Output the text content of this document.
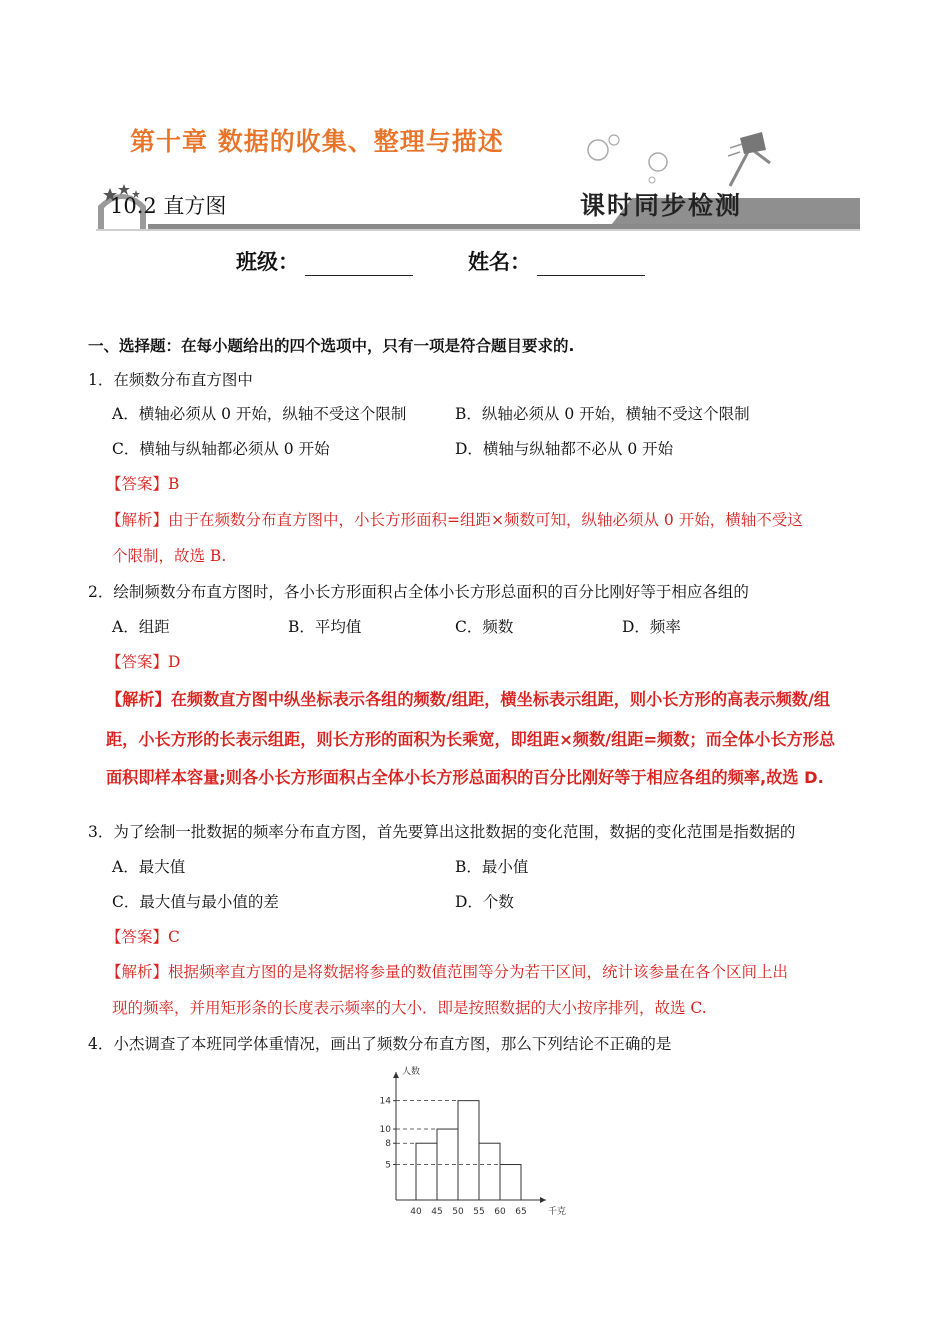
第十章 数据的收集、整理与描述
10.2 直方图	课时同步检测
班级：	姓名：
一、选择题：在每小题给出的四个选项中，只有一项是符合题目要求的.
1．在频数分布直方图中
A．横轴必须从 0 开始，纵轴不受这个限制	B．纵轴必须从 0 开始，横轴不受这个限制
C．横轴与纵轴都必须从 0 开始	D．横轴与纵轴都不必从 0 开始
【答案】B
【解析】由于在频数分布直方图中，小长方形面积=组距×频数可知，纵轴必须从 0 开始，横轴不受这
个限制，故选 B.
2．绘制频数分布直方图时，各小长方形面积占全体小长方形总面积的百分比刚好等于相应各组的
A．组距	B．平均值	C．频数	D．频率
【答案】D
【解析】在频数直方图中纵坐标表示各组的频数/组距，横坐标表示组距，则小长方形的高表示频数/组
距，小长方形的长表示组距，则长方形的面积为长乘宽，即组距×频数/组距=频数；而全体小长方形总
面积即样本容量;则各小长方形面积占全体小长方形总面积的百分比刚好等于相应各组的频率,故选 D.
3．为了绘制一批数据的频率分布直方图，首先要算出这批数据的变化范围，数据的变化范围是指数据的
A．最大值	B．最小值
C．最大值与最小值的差	D．个数
【答案】C
【解析】根据频率直方图的是将数据将参量的数值范围等分为若干区间，统计该参量在各个区间上出
现的频率，并用矩形条的长度表示频率的大小．即是按照数据的大小按序排列，故选 C.
4．小杰调查了本班同学体重情况，画出了频数分布直方图，那么下列结论不正确的是
5
8
10
14
40 45 50 55 60 65
人数
千克
